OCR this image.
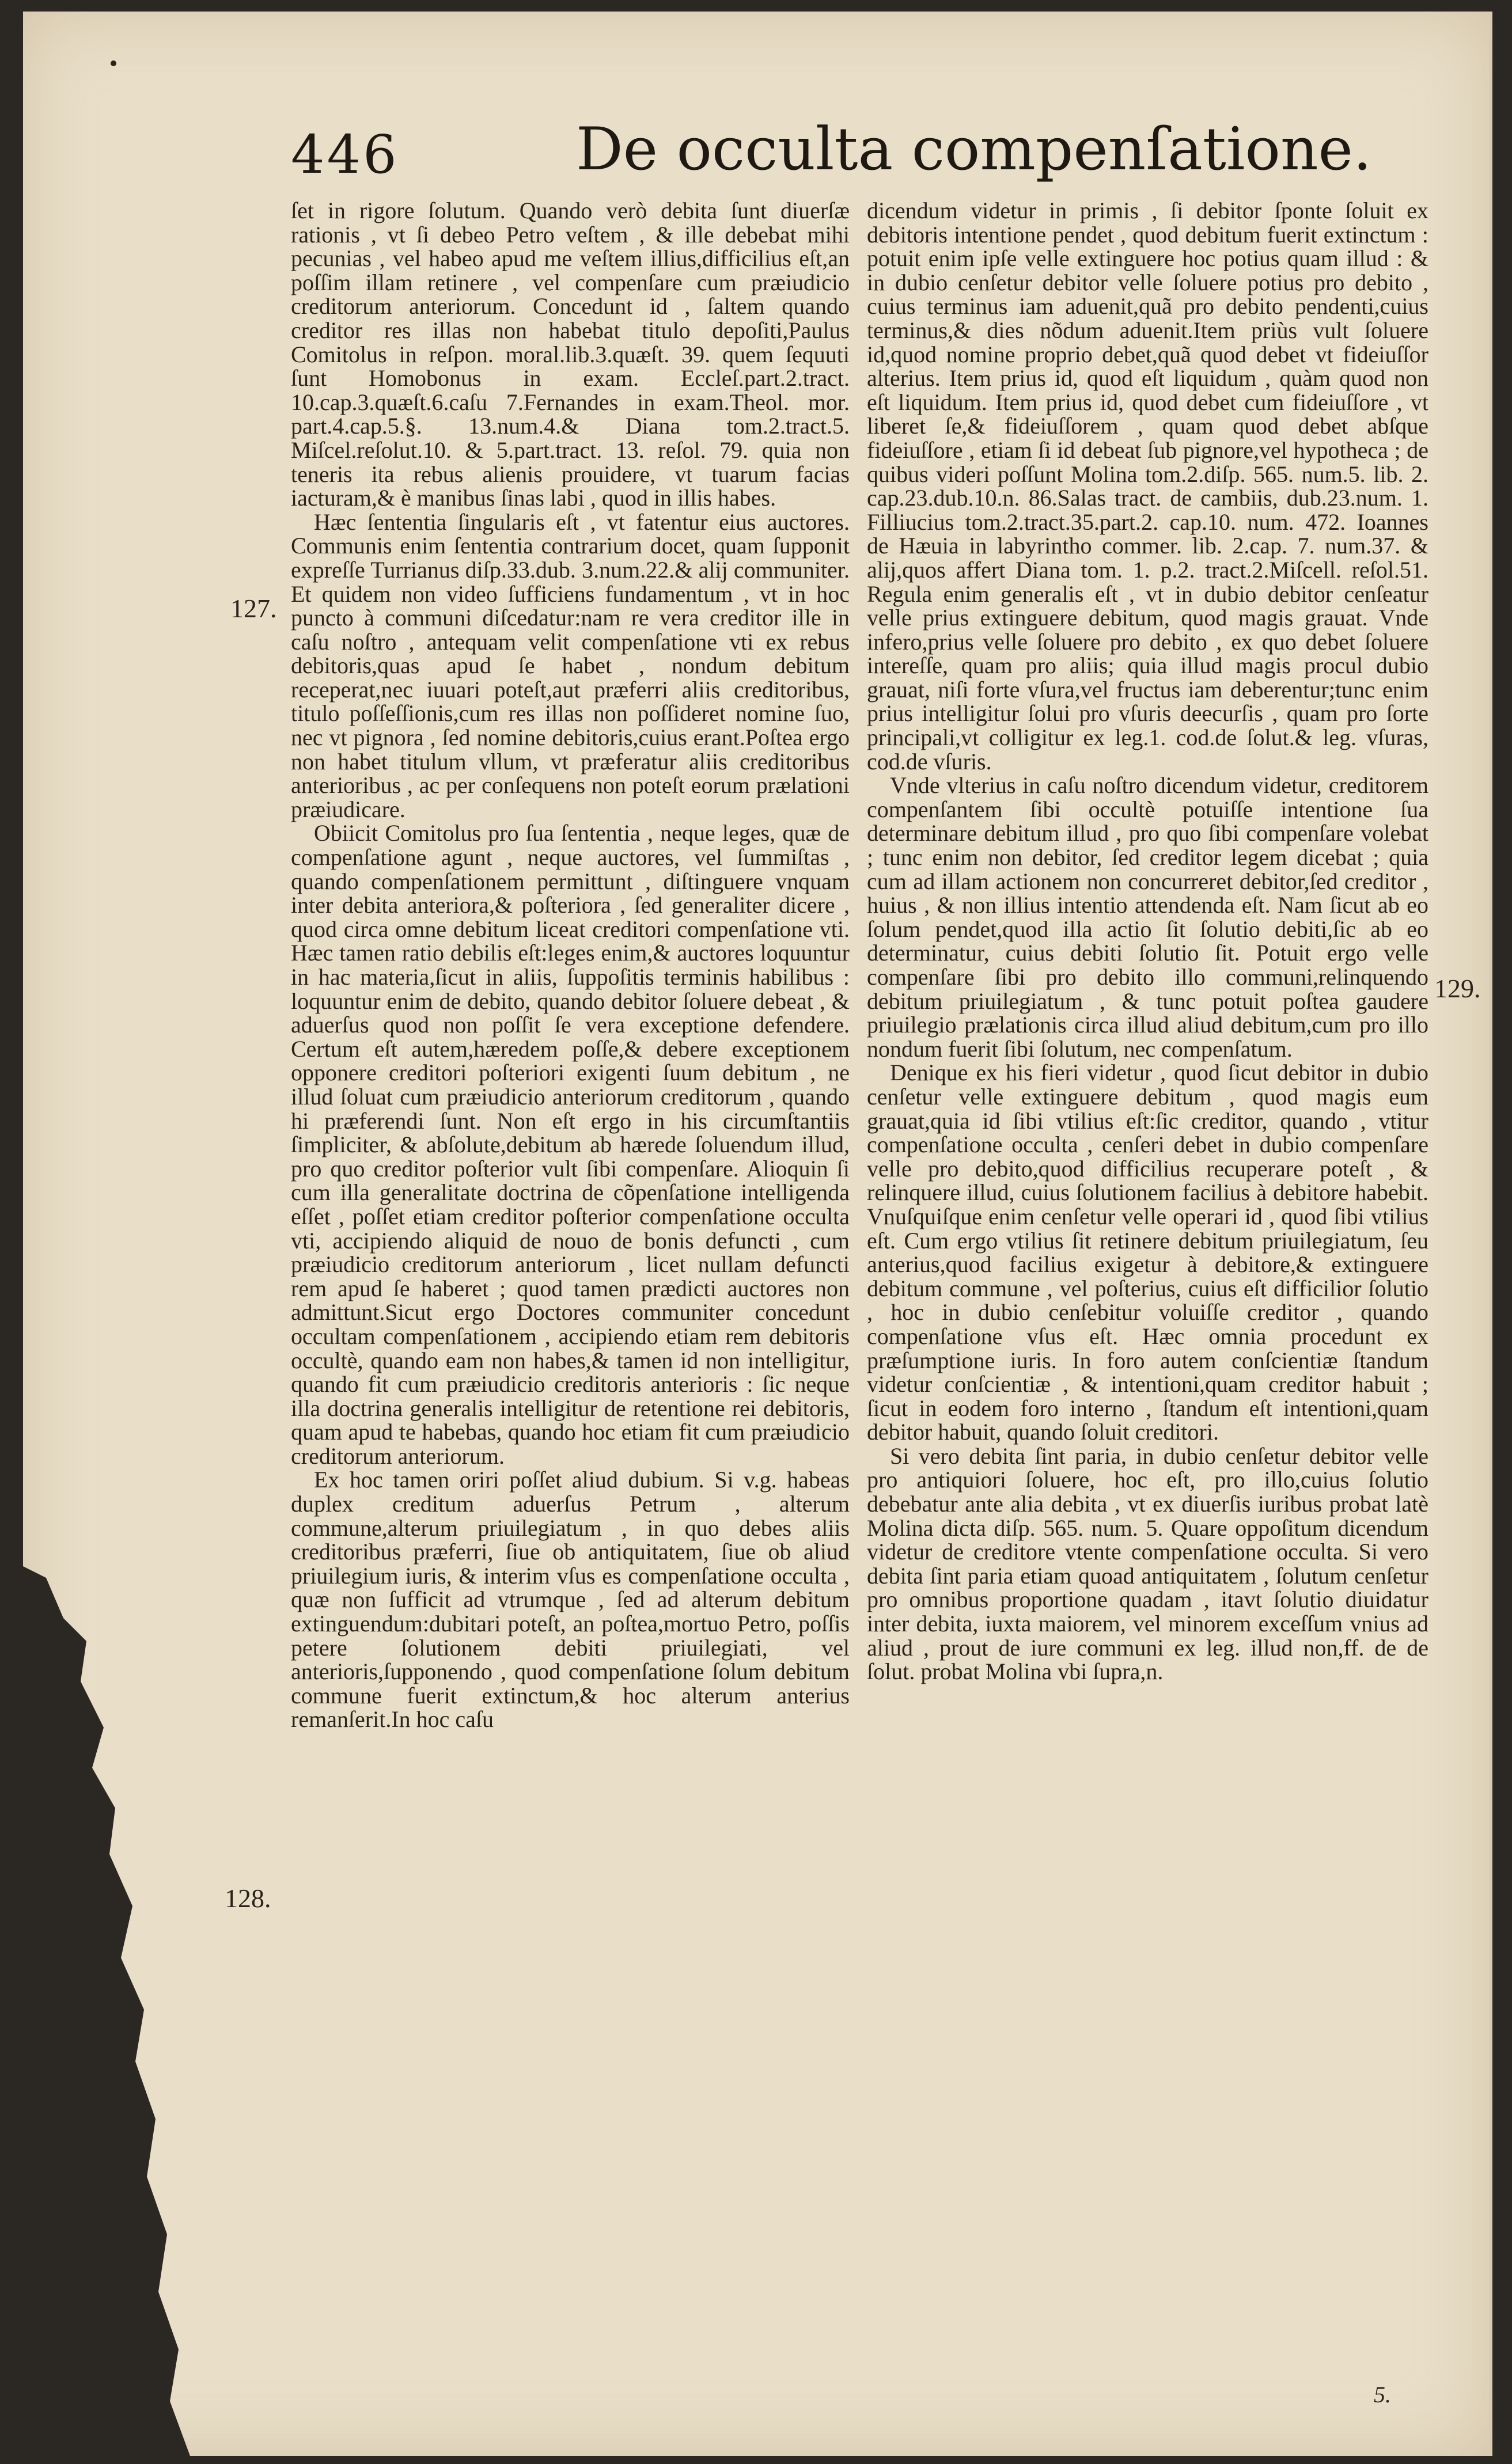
446	De occulta compenſatione.
127.
128.
129.

ſet in rigore ſolutum. Quando verò debita ſunt diuerſæ rationis , vt ſi debeo Petro veſtem , & ille debebat mihi pecunias , vel habeo apud me veſtem illius,difficilius eſt,an poſſim illam retinere , vel compenſare cum præiudicio creditorum anteriorum. Concedunt id , ſaltem quando creditor res illas non habebat titulo depoſiti,Paulus Comitolus in reſpon. moral.lib.3.quæſt. 39. quem ſequuti ſunt Homobonus in exam. Eccleſ.part.2.tract. 10.cap.3.quæſt.6.caſu 7.Fernandes in exam.Theol. mor. part.4.cap.5.§. 13.num.4.& Diana tom.2.tract.5. Miſcel.reſolut.10. & 5.part.tract. 13. reſol. 79. quia non teneris ita rebus alienis prouidere, vt tuarum facias iacturam,& è manibus ſinas labi , quod in illis habes.

Hæc ſententia ſingularis eſt , vt fatentur eius auctores. Communis enim ſententia contrarium docet, quam ſupponit expreſſe Turrianus diſp.33.dub. 3.num.22.& alij communiter. Et quidem non video ſufficiens fundamentum , vt in hoc puncto à communi diſcedatur:nam re vera creditor ille in caſu noſtro , antequam velit compenſatione vti ex rebus debitoris,quas apud ſe habet , nondum debitum receperat,nec iuuari poteſt,aut præferri aliis creditoribus, titulo poſſeſſionis,cum res illas non poſſideret nomine ſuo, nec vt pignora , ſed nomine debitoris,cuius erant.Poſtea ergo non habet titulum vllum, vt præferatur aliis creditoribus anterioribus , ac per conſequens non poteſt eorum prælationi præiudicare.

Obiicit Comitolus pro ſua ſententia , neque leges, quæ de compenſatione agunt , neque auctores, vel ſummiſtas , quando compenſationem permittunt , diſtinguere vnquam inter debita anteriora,& poſteriora , ſed generaliter dicere , quod circa omne debitum liceat creditori compenſatione vti. Hæc tamen ratio debilis eſt:leges enim,& auctores loquuntur in hac materia,ſicut in aliis, ſuppoſitis terminis habilibus : loquuntur enim de debito, quando debitor ſoluere debeat , & aduerſus quod non poſſit ſe vera exceptione defendere. Certum eſt autem,hæredem poſſe,& debere exceptionem opponere creditori poſteriori exigenti ſuum debitum , ne illud ſoluat cum præiudicio anteriorum creditorum , quando hi præferendi ſunt. Non eſt ergo in his circumſtantiis ſimpliciter, & abſolute,debitum ab hærede ſoluendum illud, pro quo creditor poſterior vult ſibi compenſare. Alioquin ſi cum illa generalitate doctrina de cõpenſatione intelligenda eſſet , poſſet etiam creditor poſterior compenſatione occulta vti, accipiendo aliquid de nouo de bonis defuncti , cum præiudicio creditorum anteriorum , licet nullam defuncti rem apud ſe haberet ; quod tamen prædicti auctores non admittunt.Sicut ergo Doctores communiter concedunt occultam compenſationem , accipiendo etiam rem debitoris occultè, quando eam non habes,& tamen id non intelligitur, quando fit cum præiudicio creditoris anterioris : ſic neque illa doctrina generalis intelligitur de retentione rei debitoris, quam apud te habebas, quando hoc etiam fit cum præiudicio creditorum anteriorum.

Ex hoc tamen oriri poſſet aliud dubium. Si v.g. habeas duplex creditum aduerſus Petrum , alterum commune,alterum priuilegiatum , in quo debes aliis creditoribus præferri, ſiue ob antiquitatem, ſiue ob aliud priuilegium iuris, & interim vſus es compenſatione occulta , quæ non ſufficit ad vtrumque , ſed ad alterum debitum extinguendum:dubitari poteſt, an poſtea,mortuo Petro, poſſis petere ſolutionem debiti priuilegiati, vel anterioris,ſupponendo , quod compenſatione ſolum debitum commune fuerit extinctum,& hoc alterum anterius remanſerit.In hoc caſu

dicendum videtur in primis , ſi debitor ſponte ſoluit ex debitoris intentione pendet , quod debitum fuerit extinctum : potuit enim ipſe velle extinguere hoc potius quam illud : & in dubio cenſetur debitor velle ſoluere potius pro debito , cuius terminus iam aduenit,quã pro debito pendenti,cuius terminus,& dies nõdum aduenit.Item priùs vult ſoluere id,quod nomine proprio debet,quã quod debet vt fideiuſſor alterius. Item prius id, quod eſt liquidum , quàm quod non eſt liquidum. Item prius id, quod debet cum fideiuſſore , vt liberet ſe,& fideiuſſorem , quam quod debet abſque fideiuſſore , etiam ſi id debeat ſub pignore,vel hypotheca ; de quibus videri poſſunt Molina tom.2.diſp. 565. num.5. lib. 2. cap.23.dub.10.n. 86.Salas tract. de cambiis, dub.23.num. 1. Filliucius tom.2.tract.35.part.2. cap.10. num. 472. Ioannes de Hæuia in labyrintho commer. lib. 2.cap. 7. num.37. & alij,quos affert Diana tom. 1. p.2. tract.2.Miſcell. reſol.51. Regula enim generalis eſt , vt in dubio debitor cenſeatur velle prius extinguere debitum, quod magis grauat. Vnde infero,prius velle ſoluere pro debito , ex quo debet ſoluere intereſſe, quam pro aliis; quia illud magis procul dubio grauat, niſi forte vſura,vel fructus iam deberentur;tunc enim prius intelligitur ſolui pro vſuris deecurſis , quam pro ſorte principali,vt colligitur ex leg.1. cod.de ſolut.& leg. vſuras, cod.de vſuris.

Vnde vlterius in caſu noſtro dicendum videtur, creditorem compenſantem ſibi occultè potuiſſe intentione ſua determinare debitum illud , pro quo ſibi compenſare volebat ; tunc enim non debitor, ſed creditor legem dicebat ; quia cum ad illam actionem non concurreret debitor,ſed creditor , huius , & non illius intentio attendenda eſt. Nam ſicut ab eo ſolum pendet,quod illa actio ſit ſolutio debiti,ſic ab eo determinatur, cuius debiti ſolutio ſit. Potuit ergo velle compenſare ſibi pro debito illo communi,relinquendo debitum priuilegiatum , & tunc potuit poſtea gaudere priuilegio prælationis circa illud aliud debitum,cum pro illo nondum fuerit ſibi ſolutum, nec compenſatum.

Denique ex his fieri videtur , quod ſicut debitor in dubio cenſetur velle extinguere debitum , quod magis eum grauat,quia id ſibi vtilius eſt:ſic creditor, quando , vtitur compenſatione occulta , cenſeri debet in dubio compenſare velle pro debito,quod difficilius recuperare poteſt , & relinquere illud, cuius ſolutionem facilius à debitore habebit. Vnuſquiſque enim cenſetur velle operari id , quod ſibi vtilius eſt. Cum ergo vtilius ſit retinere debitum priuilegiatum, ſeu anterius,quod facilius exigetur à debitore,& extinguere debitum commune , vel poſterius, cuius eſt difficilior ſolutio , hoc in dubio cenſebitur voluiſſe creditor , quando compenſatione vſus eſt. Hæc omnia procedunt ex præſumptione iuris. In foro autem conſcientiæ ſtandum videtur conſcientiæ , & intentioni,quam creditor habuit ; ſicut in eodem foro interno , ſtandum eſt intentioni,quam debitor habuit, quando ſoluit creditori.

Si vero debita ſint paria, in dubio cenſetur debitor velle pro antiquiori ſoluere, hoc eſt, pro illo,cuius ſolutio debebatur ante alia debita , vt ex diuerſis iuribus probat latè Molina dicta diſp. 565. num. 5. Quare oppoſitum dicendum videtur de creditore vtente compenſatione occulta. Si vero debita ſint paria etiam quoad antiquitatem , ſolutum cenſetur pro omnibus proportione quadam , itavt ſolutio diuidatur inter debita, iuxta maiorem, vel minorem exceſſum vnius ad aliud , prout de iure communi ex leg. illud non,ff. de de ſolut. probat Molina vbi ſupra,n.

5.
